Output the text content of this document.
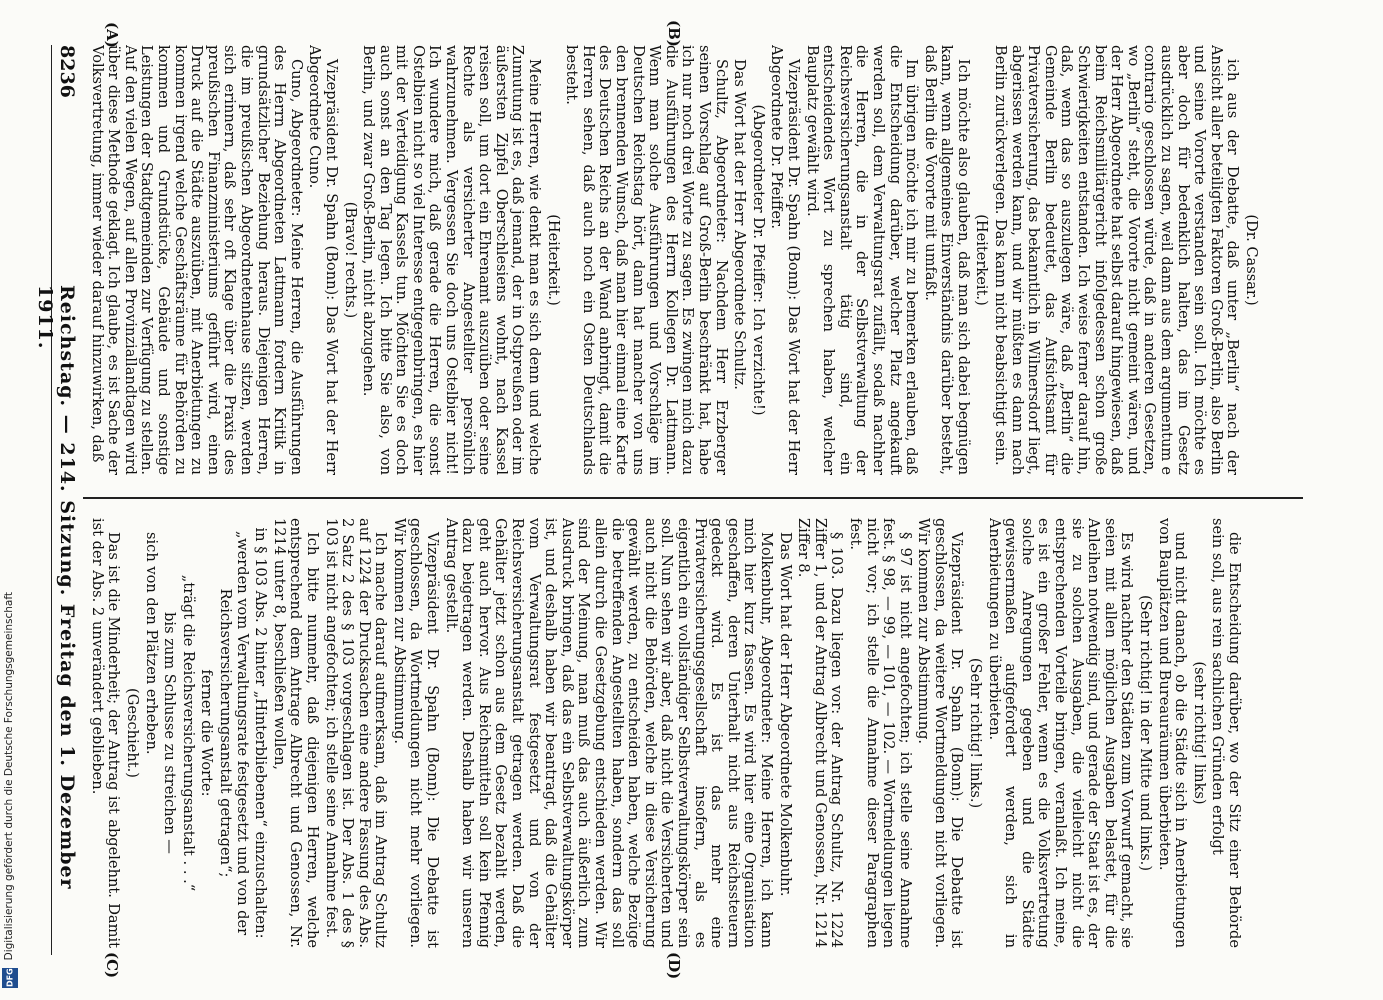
8236
Reichstag. — 214. Sitzung. Freitag den 1. Dezember 1911.
(A)	(B)
(C)	(D)

(Dr. Cassar.)

ich aus der Debatte, daß unter „Berlin“ nach der Ansicht aller beteiligten Faktoren Groß-Berlin, also Berlin und seine Vororte verstanden sein soll. Ich möchte es aber doch für bedenklich halten, das im Gesetz ausdrücklich zu sagen, weil dann aus dem argumentum e contrario geschlossen würde, daß in anderen Gesetzen, wo „Berlin“ steht, die Vororte nicht gemeint wären, und der Herr Abgeordnete hat selbst darauf hingewiesen, daß beim Reichsmilitärgericht infolgedessen schon große Schwierigkeiten entstanden. Ich weise ferner darauf hin, daß, wenn das so auszulegen wäre, daß „Berlin“ die Gemeinde Berlin bedeutet, das Aufsichtsamt für Privatversicherung, das bekanntlich in Wilmersdorf liegt, abgerissen werden kann, und wir müßten es dann nach Berlin zurückverlegen. Das kann nicht beabsichtigt sein.

(Heiterkeit.)

Ich möchte also glauben, daß man sich dabei begnügen kann, wenn allgemeines Einverständnis darüber besteht, daß Berlin die Vororte mit umfaßt.

Im übrigen möchte ich mir zu bemerken erlauben, daß die Entscheidung darüber, welcher Platz angekauft werden soll, dem Verwaltungsrat zufällt, sodaß nachher die Herren, die in der Selbstverwaltung der Reichsversicherungsanstalt tätig sind, ein entscheidendes Wort zu sprechen haben, welcher Bauplatz gewählt wird.

Vizepräsident Dr. Spahn (Bonn): Das Wort hat der Herr Abgeordnete Dr. Pfeiffer.

(Abgeordneter Dr. Pfeiffer: Ich verzichte!)

Das Wort hat der Herr Abgeordnete Schultz.

Schultz, Abgeordneter: Nachdem Herr Erzberger seinen Vorschlag auf Groß-Berlin beschränkt hat, habe ich nur noch drei Worte zu sagen. Es zwingen mich dazu die Ausführungen des Herrn Kollegen Dr. Lattmann. Wenn man solche Ausführungen und Vorschläge im Deutschen Reichstag hört, dann hat mancher von uns den brennenden Wunsch, daß man hier einmal eine Karte des Deutschen Reichs an der Wand anbringt, damit die Herren sehen, daß auch noch ein Osten Deutschlands besteht.

(Heiterkeit.)

Meine Herren, wie denkt man es sich denn und welche Zumutung ist es, daß jemand, der in Ostpreußen oder im äußersten Zipfel Oberschlesiens wohnt, nach Kassel reisen soll, um dort ein Ehrenamt auszuüben oder seine Rechte als versicherter Angestellter persönlich wahrzunehmen. Vergessen Sie doch uns Ostelbier nicht! Ich wundere mich, daß gerade die Herren, die sonst Ostelbien nicht so viel Interesse entgegenbringen, es hier mit der Verteidigung Kassels tun. Möchten Sie es doch auch sonst an den Tag legen. Ich bitte Sie also, von Berlin, und zwar Groß-Berlin, nicht abzugehen.

(Bravo! rechts.)

Vizepräsident Dr. Spahn (Bonn): Das Wort hat der Herr Abgeordnete Cuno.

Cuno, Abgeordneter: Meine Herren, die Ausführungen des Herrn Abgeordneten Lattmann fordern Kritik in grundsätzlicher Beziehung heraus. Diejenigen Herren, die im preußischen Abgeordnetenhause sitzen, werden sich erinnern, daß sehr oft Klage über die Praxis des preußischen Finanzministeriums geführt wird, einen Druck auf die Städte auszuüben, mit Anerbietungen zu kommen irgend welche Geschäftsräume für Behörden zu kommen und Grundstücke, Gebäude und sonstige Leistungen der Stadtgemeinden zur Verfügung zu stellen. Auf den vielen Wegen, auf allen Provinziallandtagen wird über diese Methode geklagt. Ich glaube, es ist Sache der Volksvertretung, immer wieder darauf hinzuwirken, daß

die Entscheidung darüber, wo der Sitz einer Behörde sein soll, aus rein sachlichen Gründen erfolgt

(sehr richtig! links)

und nicht danach, ob die Städte sich in Anerbietungen von Bauplätzen und Bureauräumen überbieten.

(Sehr richtig! in der Mitte und links.)

Es wird nachher den Städten zum Vorwurf gemacht, sie seien mit allen möglichen Ausgaben belastet, für die Anleihen notwendig sind, und gerade der Staat ist es, der sie zu solchen Ausgaben, die vielleicht nicht die entsprechenden Vorteile bringen, veranlaßt. Ich meine, es ist ein großer Fehler, wenn es die Volksvertretung solche Anregungen gegeben und die Städte gewissermaßen aufgefordert werden, sich in Anerbietungen zu überbieten.

(Sehr richtig! links.)

Vizepräsident Dr. Spahn (Bonn): Die Debatte ist geschlossen, da weitere Wortmeldungen nicht vorliegen. Wir kommen zur Abstimmung.

§ 97 ist nicht angefochten; ich stelle seine Annahme fest. § 98, — 99, — 101, — 102. — Wortmeldungen liegen nicht vor; ich stelle die Annahme dieser Paragraphen fest.

§ 103. Dazu liegen vor: der Antrag Schultz, Nr. 1224 Ziffer 1, und der Antrag Albrecht und Genossen, Nr. 1214 Ziffer 8.

Das Wort hat der Herr Abgeordnete Molkenbuhr.

Molkenbuhr, Abgeordneter: Meine Herren, ich kann mich hier kurz fassen. Es wird hier eine Organisation geschaffen, deren Unterhalt nicht aus Reichssteuern gedeckt wird. Es ist das mehr eine Privatversicherungsgesellschaft insofern, als es eigentlich ein vollständiger Selbstverwaltungskörper sein soll. Nun sehen wir aber, daß nicht die Versicherten und auch nicht die Behörden, welche in diese Versicherung gewählt werden, zu entscheiden haben, welche Bezüge die betreffenden Angestellten haben, sondern das soll allein durch die Gesetzgebung entschieden werden. Wir sind der Meinung, man muß das auch äußerlich zum Ausdruck bringen, daß das ein Selbstverwaltungskörper ist, und deshalb haben wir beantragt, daß die Gehälter vom Verwaltungsrat festgesetzt und von der Reichsversicherungsanstalt getragen werden. Daß die Gehälter jetzt schon aus dem Gesetz bezahlt werden, geht auch hervor. Aus Reichsmitteln soll kein Pfennig dazu beigetragen werden. Deshalb haben wir unseren Antrag gestellt.

Vizepräsident Dr. Spahn (Bonn): Die Debatte ist geschlossen, da Wortmeldungen nicht mehr vorliegen. Wir kommen zur Abstimmung.

Ich mache darauf aufmerksam, daß im Antrag Schultz auf 1224 der Drucksachen eine andere Fassung des Abs. 2 Satz 2 des § 103 vorgeschlagen ist. Der Abs. 1 des § 103 ist nicht angefochten; ich stelle seine Annahme fest.

Ich bitte nunmehr, daß diejenigen Herren, welche entsprechend dem Antrage Albrecht und Genossen, Nr. 1214 unter 8, beschließen wollen,

in § 103 Abs. 2 hinter „Hinterbliebenen“ einzuschalten:

„werden vom Verwaltungsrate festgesetzt und von der Reichsversicherungsanstalt getragen“;

ferner die Worte:

„trägt die Reichsversicherungsanstalt . . .“

bis zum Schlusse zu streichen —

sich von den Plätzen erheben.

(Geschieht.)

Das ist die Minderheit; der Antrag ist abgelehnt. Damit ist der Abs. 2 unverändert geblieben.

Digitalisierung gefördert durch die Deutsche Forschungsgemeinschaft
DFG
